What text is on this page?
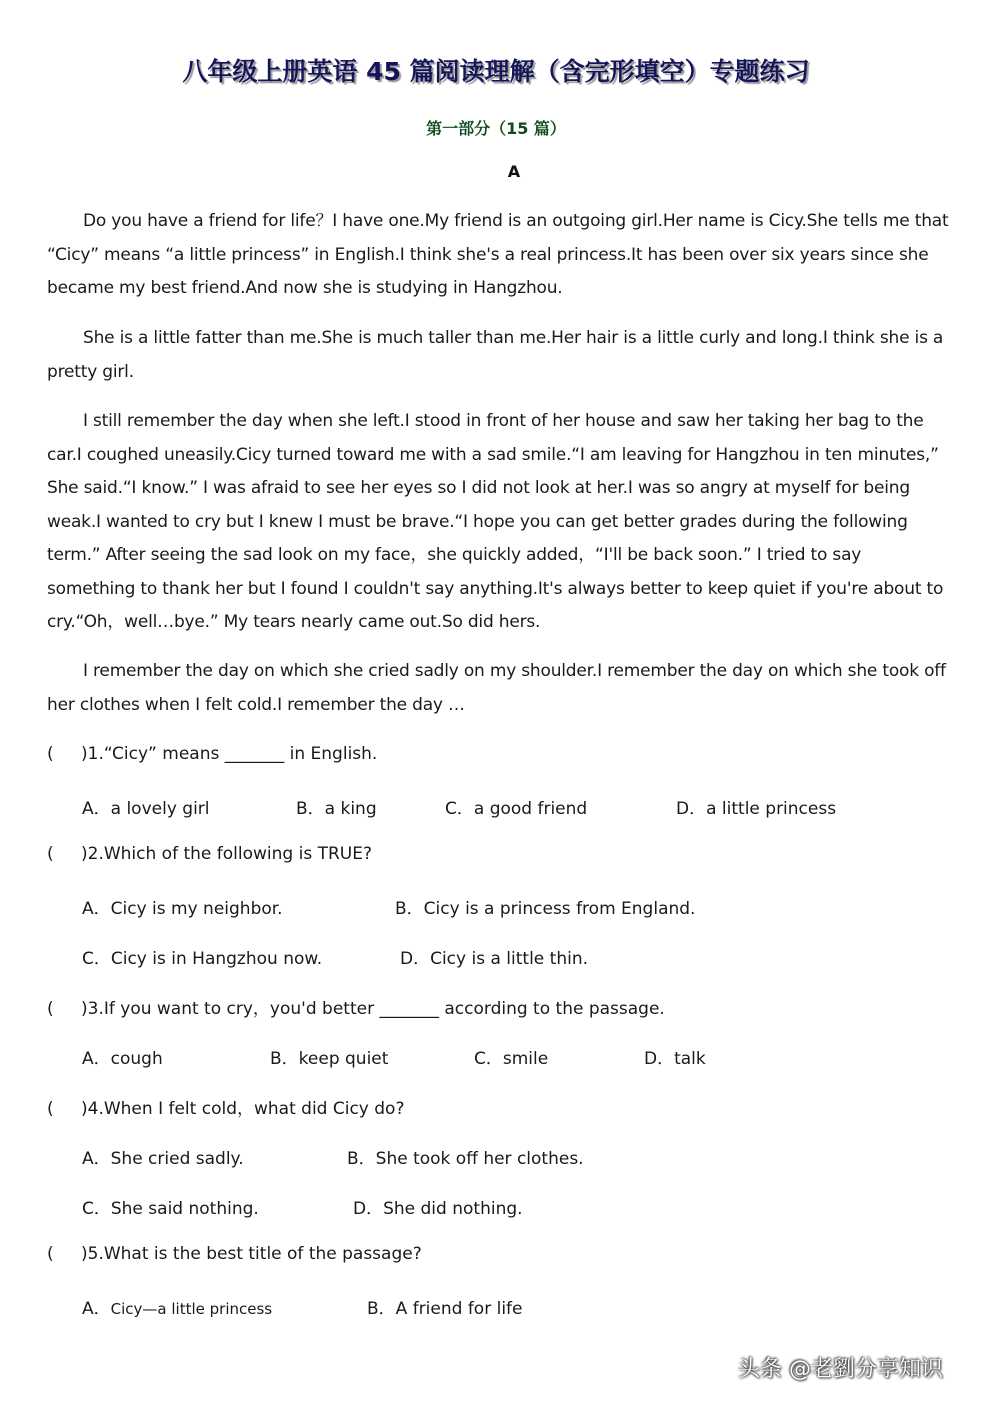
八年级上册英语 45 篇阅读理解（含完形填空）专题练习
第一部分（15 篇）
A

Do you have a friend for life？I have one.My friend is an outgoing girl.Her name is Cicy.She tells me that “Cicy” means “a little princess” in English.I think she's a real princess.It has been over six years since she became my best friend.And now she is studying in Hangzhou.

She is a little fatter than me.She is much taller than me.Her hair is a little curly and long.I think she is a pretty girl.

I still remember the day when she left.I stood in front of her house and saw her taking her bag to the car.I coughed uneasily.Cicy turned toward me with a sad smile.“I am leaving for Hangzhou in ten minutes,” She said.“I know.” I was afraid to see her eyes so I did not look at her.I was so angry at myself for being weak.I wanted to cry but I knew I must be brave.“I hope you can get better grades during the following term.” After seeing the sad look on my face，she quickly added，“I'll be back soon.” I tried to say something to thank her but I found I couldn't say anything.It's always better to keep quiet if you're about to cry.“Oh，well…bye.” My tears nearly came out.So did hers.

I remember the day on which she cried sadly on my shoulder.I remember the day on which she took off her clothes when I felt cold.I remember the day …

( )1.“Cicy” means _______ in English.
A．a lovely girl	B．a king	C．a good friend	D．a little princess
( )2.Which of the following is TRUE?
A．Cicy is my neighbor.	B．Cicy is a princess from England.
C．Cicy is in Hangzhou now.	D．Cicy is a little thin.
( )3.If you want to cry，you'd better _______ according to the passage.
A．cough	B．keep quiet	C．smile	D．talk
( )4.When I felt cold，what did Cicy do?
A．She cried sadly.	B．She took off her clothes.
C．She said nothing.	D．She did nothing.
( )5.What is the best title of the passage?
A．Cicy—a little princess	B．A friend for life
头条 @老劉分享知识
